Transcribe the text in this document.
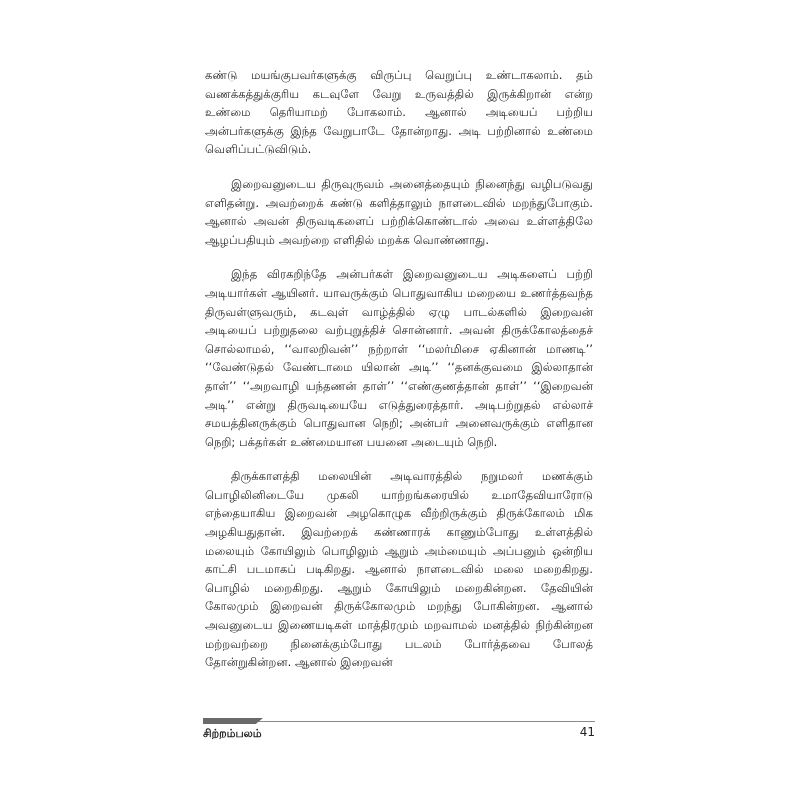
கண்டு மயங்குபவர்களுக்கு விருப்பு வெறுப்பு உண்டாகலாம். தம் வணக்கத்துக்குரிய கடவுளே வேறு உருவத்தில் இருக்கிறான் என்ற உண்மை தெரியாமற் போகலாம். ஆனால் அடியைப் பற்றிய அன்பர்களுக்கு இந்த வேறுபாடே தோன்றாது. அடி பற்றினால் உண்மை வெளிப்பட்டுவிடும்.

இறைவனுடைய திருவுருவம் அனைத்தையும் நினைந்து வழிபடுவது எளிதன்று. அவற்றைக் கண்டு களித்தாலும் நாளடைவில் மறந்துபோகும். ஆனால் அவன் திருவடிகளைப் பற்றிக்கொண்டால் அவை உள்ளத்திலே ஆழப்பதியும் அவற்றை எளிதில் மறக்க வொண்ணாது.

இந்த விரகறிந்தே அன்பர்கள் இறைவனுடைய அடிகளைப் பற்றி அடியார்கள் ஆயினர். யாவருக்கும் பொதுவாகிய மறையை உணர்த்தவந்த திருவள்ளுவரும், கடவுள் வாழ்த்தில் ஏழு பாடல்களில் இறைவன் அடியைப் பற்றுதலை வற்புறுத்திச் சொன்னார். அவன் திருக்கோலத்தைச் சொல்லாமல், ‘‘வாலறிவன்’’ நற்றாள் ‘‘மலர்மிசை ஏகினான் மாணடி’’ ‘‘வேண்டுதல் வேண்டாமை யிலான் அடி’’ ‘‘தனக்குவமை இல்லாதான் தாள்’’ ‘‘அறவாழி யந்தணன் தாள்’’ ‘‘எண்குணத்தான் தாள்’’ ‘‘இறைவன் அடி’’ என்று திருவடியையே எடுத்துரைத்தார். அடிபற்றுதல் எல்லாச் சமயத்தினருக்கும் பொதுவான நெறி; அன்பர் அனைவருக்கும் எளிதான நெறி; பக்தர்கள் உண்மையான பயனை அடையும் நெறி.

திருக்காளத்தி மலையின் அடிவாரத்தில் நறுமலர் மணக்கும் பொழிலினிடையே முகலி யாற்றங்கரையில் உமாதேவியாரோடு எந்தையாகிய இறைவன் அழகொழுக வீற்றிருக்கும் திருக்கோலம் மிக அழகியதுதான். இவற்றைக் கண்ணாரக் காணும்போது உள்ளத்தில் மலையும் கோயிலும் பொழிலும் ஆறும் அம்மையும் அப்பனும் ஒன்றிய காட்சி படமாகப் படிகிறது. ஆனால் நாளடைவில் மலை மறைகிறது. பொழில் மறைகிறது. ஆறும் கோயிலும் மறைகின்றன. தேவியின் கோலமும் இறைவன் திருக்கோலமும் மறந்து போகின்றன. ஆனால் அவனுடைய இணையடிகள் மாத்திரமும் மறவாமல் மனத்தில் நிற்கின்றன மற்றவற்றை நினைக்கும்போது படலம் போர்த்தவை போலத் தோன்றுகின்றன. ஆனால் இறைவன்

சிற்றம்பலம்	41
